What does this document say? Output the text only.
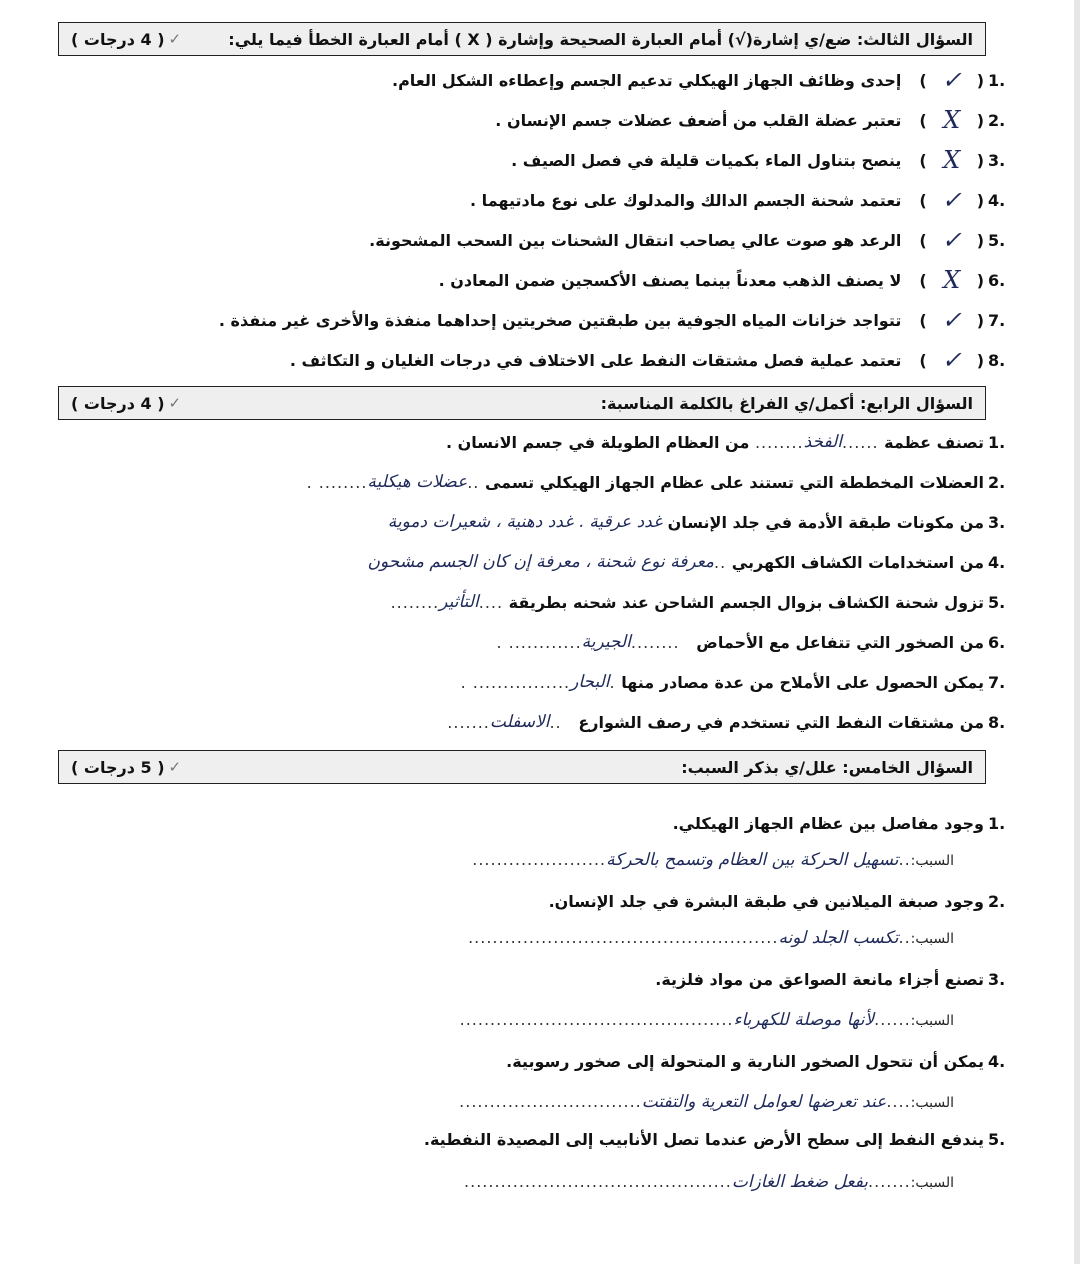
السؤال الثالث: ضع/ي إشارة(√) أمام العبارة الصحيحة وإشارة ( X ) أمام العبارة الخطأ فيما يلي:
✓
( 4 درجات )
1.
( ✓ )
إحدى وظائف الجهاز الهيكلي تدعيم الجسم وإعطاءه الشكل العام.
2.
( X	)
تعتبر عضلة القلب من أضعف عضلات جسم الإنسان .
3.
( X	)
ينصح بتناول الماء بكميات قليلة في فصل الصيف .
4.
( ✓ )
تعتمد شحنة الجسم الدالك والمدلوك على نوع مادتيهما .
5.
( ✓ )
الرعد هو صوت عالي يصاحب انتقال الشحنات بين السحب المشحونة.
6.
( X	)
لا يصنف الذهب معدناً بينما يصنف الأكسجين ضمن المعادن .
7.
( ✓ )
تتواجد خزانات المياه الجوفية بين طبقتين صخريتين إحداهما منفذة والأخرى غير منفذة .
8.
( ✓ )
تعتمد عملية فصل مشتقات النفط على الاختلاف في درجات الغليان و التكاثف .
السؤال الرابع: أكمل/ي الفراغ بالكلمة المناسبة:
✓
( 4 درجات )
1.
تصنف عظمة

......
الفخذ
........

من العظام الطويلة في جسم الانسان .
2.
العضلات المخططة التي تستند على عظام الجهاز الهيكلي تسمى

..
عضلات هيكلية
........ .
3.
من مكونات طبقة الأدمة في جلد الإنسان

غدد عرقية . غدد دهنية ، شعيرات دموية
4.
من استخدامات الكشاف الكهربي

..
معرفة نوع شحنة ، معرفة إن كان الجسم مشحون
5.
تزول شحنة الكشاف بزوال الجسم الشاحن عند شحنه بطريقة

....
التأثير
........
6.
من الصخور التي تتفاعل مع الأحماض

........
الجيرية
............ .
7.
يمكن الحصول على الأملاح من عدة مصادر منها

.
البحار
................ .
8.
من مشتقات النفط التي تستخدم في رصف الشوارع

..
الاسفلت
.......
السؤال الخامس: علل/ي بذكر السبب:
✓
( 5 درجات )
1.
وجود مفاصل بين عظام الجهاز الهيكلي.
السبب:
..
تسهيل الحركة بين العظام وتسمح بالحركة
......................
2.
وجود صبغة الميلانين في طبقة البشرة في جلد الإنسان.
السبب:
..
تكسب الجلد لونه
...................................................
3.
تصنع أجزاء مانعة الصواعق من مواد فلزية.
السبب:
......
لأنها موصلة للكهرباء
.............................................
4.
يمكن أن تتحول الصخور النارية و المتحولة إلى صخور رسوبية.
السبب:
....
عند تعرضها لعوامل التعرية والتفتت
..............................
5.
يندفع النفط إلى سطح الأرض عندما تصل الأنابيب إلى المصيدة النفطية.
السبب:
.......
بفعل ضغط الغازات
............................................
